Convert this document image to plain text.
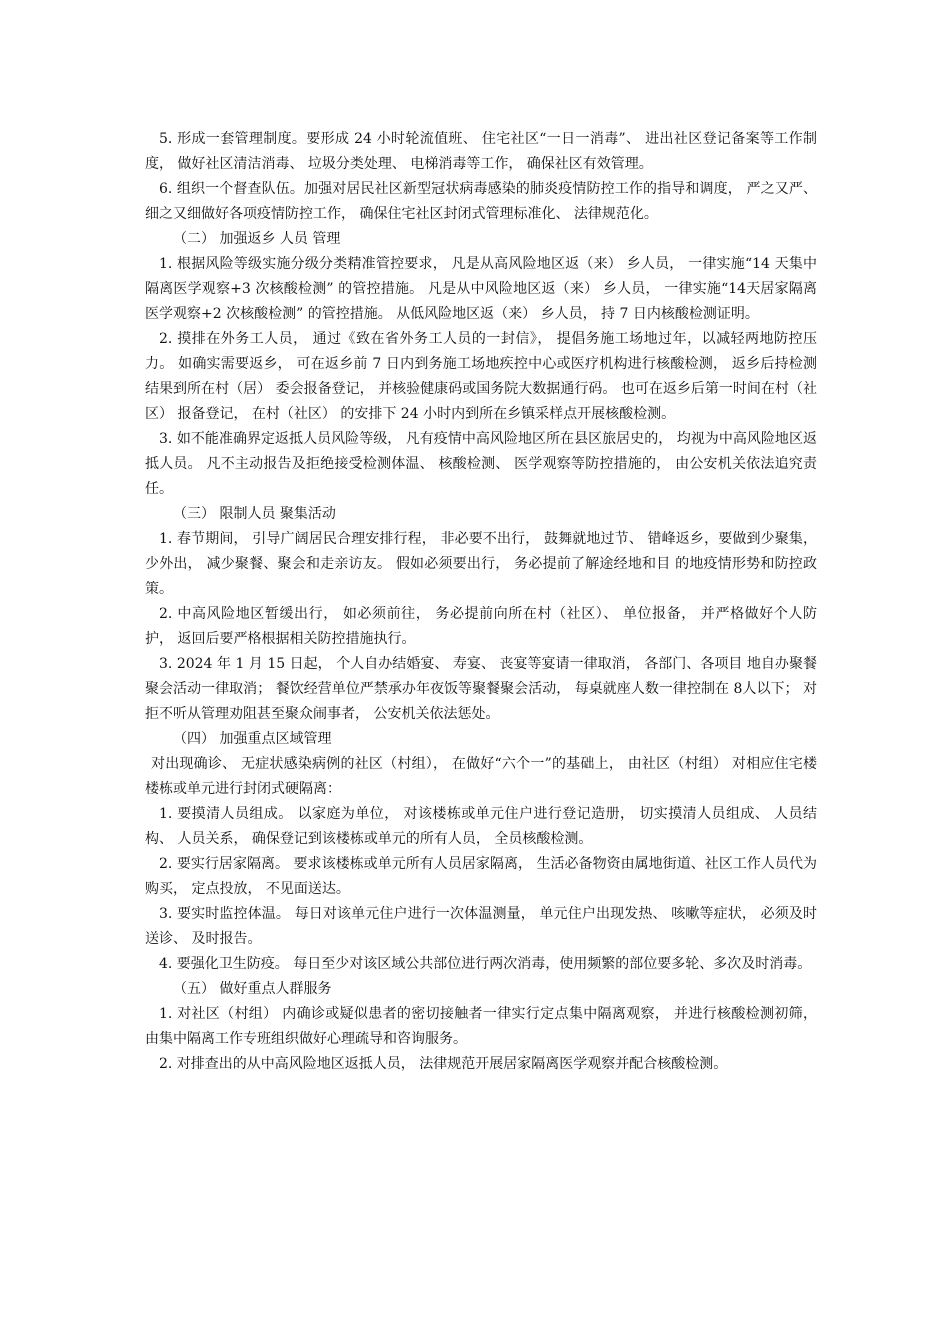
5. 形成一套管理制度。要形成 24 小时轮流值班、 住宅社区“一日一消毒”、 进出社区登记备案等工作制度， 做好社区清洁消毒、 垃圾分类处理、 电梯消毒等工作， 确保社区有效管理。

6. 组织一个督查队伍。加强对居民社区新型冠状病毒感染的肺炎疫情防控工作的指导和调度， 严之又严、 细之又细做好各项疫情防控工作， 确保住宅社区封闭式管理标准化、 法律规范化。

（二） 加强返乡 人员 管理

1. 根据风险等级实施分级分类精准管控要求， 凡是从高风险地区返（来） 乡人员， 一律实施“14 天集中隔离医学观察+3 次核酸检测” 的管控措施。 凡是从中风险地区返（来） 乡人员， 一律实施“14天居家隔离医学观察+2 次核酸检测” 的管控措施。 从低风险地区返（来） 乡人员， 持 7 日内核酸检测证明。

2. 摸排在外务工人员， 通过《致在省外务工人员的一封信》， 提倡务施工场地过年，以减轻两地防控压力。 如确实需要返乡， 可在返乡前 7 日内到务施工场地疾控中心或医疗机构进行核酸检测， 返乡后持检测结果到所在村（居） 委会报备登记， 并核验健康码或国务院大数据通行码。 也可在返乡后第一时间在村（社区） 报备登记， 在村（社区） 的安排下 24 小时内到所在乡镇采样点开展核酸检测。

3. 如不能准确界定返抵人员风险等级， 凡有疫情中高风险地区所在县区旅居史的， 均视为中高风险地区返抵人员。 凡不主动报告及拒绝接受检测体温、 核酸检测、 医学观察等防控措施的， 由公安机关依法追究责任。

（三） 限制人员 聚集活动

1. 春节期间， 引导广阔居民合理安排行程， 非必要不出行， 鼓舞就地过节、 错峰返乡，要做到少聚集， 少外出， 减少聚餐、聚会和走亲访友。 假如必须要出行， 务必提前了解途经地和目 的地疫情形势和防控政策。

2. 中高风险地区暂缓出行， 如必须前往， 务必提前向所在村（社区）、 单位报备， 并严格做好个人防护， 返回后要严格根据相关防控措施执行。

3. 2024 年 1 月 15 日起， 个人自办结婚宴、 寿宴、 丧宴等宴请一律取消， 各部门、各项目 地自办聚餐聚会活动一律取消； 餐饮经营单位严禁承办年夜饭等聚餐聚会活动， 每桌就座人数一律控制在 8人以下； 对拒不听从管理劝阻甚至聚众闹事者， 公安机关依法惩处。

（四） 加强重点区域管理

对出现确诊、 无症状感染病例的社区（村组）， 在做好“六个一”的基础上， 由社区（村组） 对相应住宅楼楼栋或单元进行封闭式硬隔离：

1. 要摸清人员组成。 以家庭为单位， 对该楼栋或单元住户进行登记造册， 切实摸清人员组成、 人员结构、 人员关系， 确保登记到该楼栋或单元的所有人员， 全员核酸检测。

2. 要实行居家隔离。 要求该楼栋或单元所有人员居家隔离， 生活必备物资由属地街道、社区工作人员代为购买， 定点投放， 不见面送达。

3. 要实时监控体温。 每日对该单元住户进行一次体温测量， 单元住户出现发热、 咳嗽等症状， 必须及时送诊、 及时报告。

4. 要强化卫生防疫。 每日至少对该区域公共部位进行两次消毒，使用频繁的部位要多轮、多次及时消毒。

（五） 做好重点人群服务

1. 对社区（村组） 内确诊或疑似患者的密切接触者一律实行定点集中隔离观察， 并进行核酸检测初筛， 由集中隔离工作专班组织做好心理疏导和咨询服务。

2. 对排查出的从中高风险地区返抵人员， 法律规范开展居家隔离医学观察并配合核酸检测。
